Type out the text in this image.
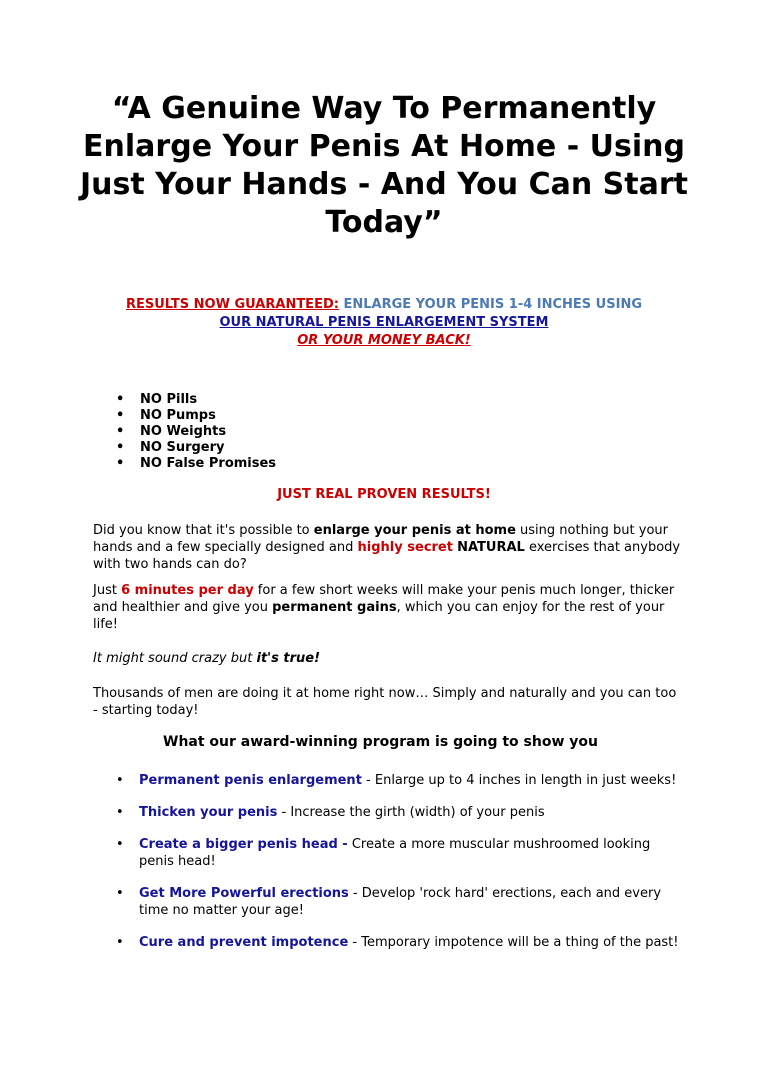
“A Genuine Way To Permanently Enlarge Your Penis At Home - Using Just Your Hands - And You Can Start Today”
RESULTS NOW GUARANTEED: ENLARGE YOUR PENIS 1-4 INCHES USING
OUR NATURAL PENIS ENLARGEMENT SYSTEM
OR YOUR MONEY BACK!
• NO Pills
• NO Pumps
• NO Weights
• NO Surgery
• NO False Promises
JUST REAL PROVEN RESULTS!

Did you know that it's possible to enlarge your penis at home using nothing but your hands and a few specially designed and highly secret NATURAL exercises that anybody with two hands can do?

Just 6 minutes per day for a few short weeks will make your penis much longer, thicker and healthier and give you permanent gains, which you can enjoy for the rest of your life!

It might sound crazy but it's true!

Thousands of men are doing it at home right now… Simply and naturally and you can too - starting today!

What our award-winning program is going to show you
• Permanent penis enlargement - Enlarge up to 4 inches in length in just weeks!
• Thicken your penis - Increase the girth (width) of your penis
• Create a bigger penis head - Create a more muscular mushroomed looking penis head!
• Get More Powerful erections - Develop 'rock hard' erections, each and every time no matter your age!
• Cure and prevent impotence - Temporary impotence will be a thing of the past!
